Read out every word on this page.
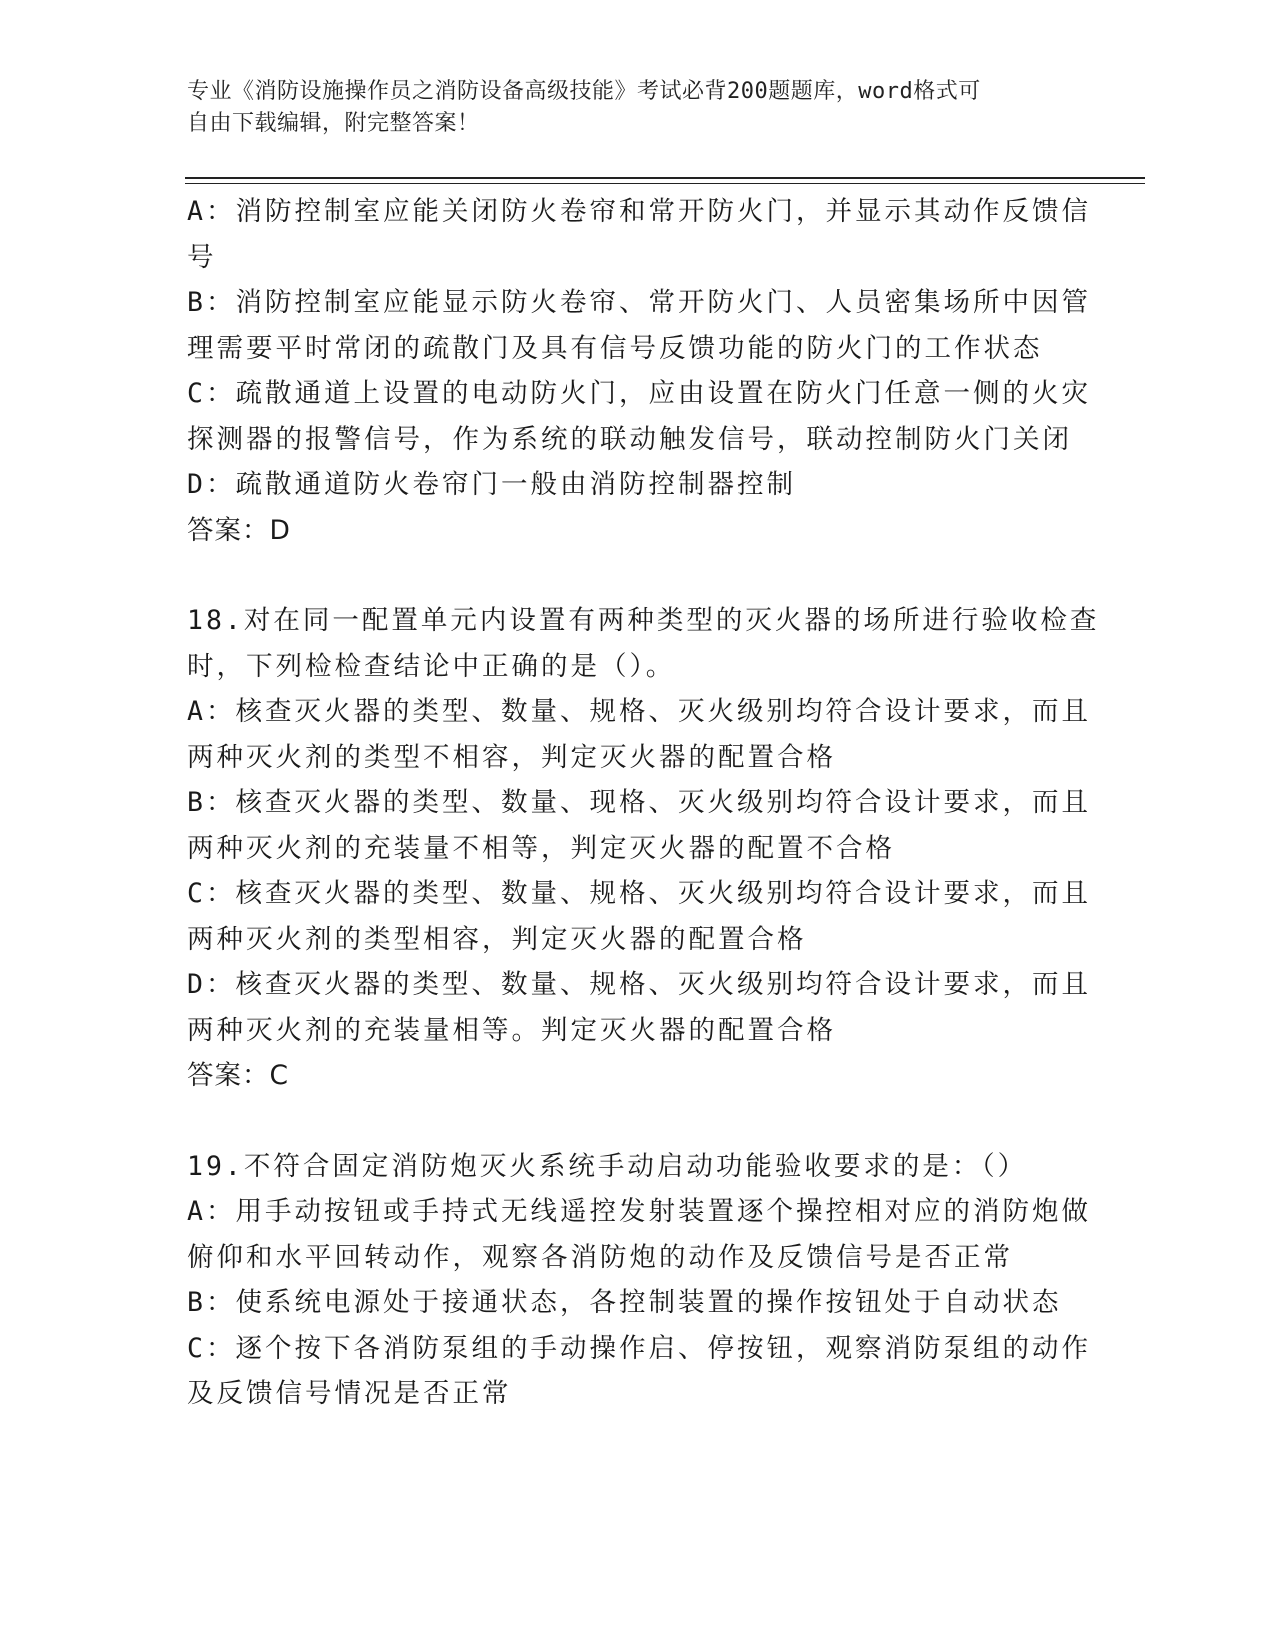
专业《消防设施操作员之消防设备高级技能》考试必背200题题库，word格式可
自由下载编辑，附完整答案！
A：消防控制室应能关闭防火卷帘和常开防火门，并显示其动作反馈信
号
B：消防控制室应能显示防火卷帘、常开防火门、人员密集场所中因管
理需要平时常闭的疏散门及具有信号反馈功能的防火门的工作状态
C：疏散通道上设置的电动防火门，应由设置在防火门任意一侧的火灾
探测器的报警信号，作为系统的联动触发信号，联动控制防火门关闭
D：疏散通道防火卷帘门一般由消防控制器控制
答案：D
18.对在同一配置单元内设置有两种类型的灭火器的场所进行验收检查
时，下列检检查结论中正确的是（）。
A：核查灭火器的类型、数量、规格、灭火级别均符合设计要求，而且
两种灭火剂的类型不相容，判定灭火器的配置合格
B：核查灭火器的类型、数量、现格、灭火级别均符合设计要求，而且
两种灭火剂的充装量不相等，判定灭火器的配置不合格
C：核查灭火器的类型、数量、规格、灭火级别均符合设计要求，而且
两种灭火剂的类型相容，判定灭火器的配置合格
D：核查灭火器的类型、数量、规格、灭火级别均符合设计要求，而且
两种灭火剂的充装量相等。判定灭火器的配置合格
答案：C
19.不符合固定消防炮灭火系统手动启动功能验收要求的是：（）
A：用手动按钮或手持式无线遥控发射装置逐个操控相对应的消防炮做
俯仰和水平回转动作，观察各消防炮的动作及反馈信号是否正常
B：使系统电源处于接通状态，各控制装置的操作按钮处于自动状态
C：逐个按下各消防泵组的手动操作启、停按钮，观察消防泵组的动作
及反馈信号情况是否正常
